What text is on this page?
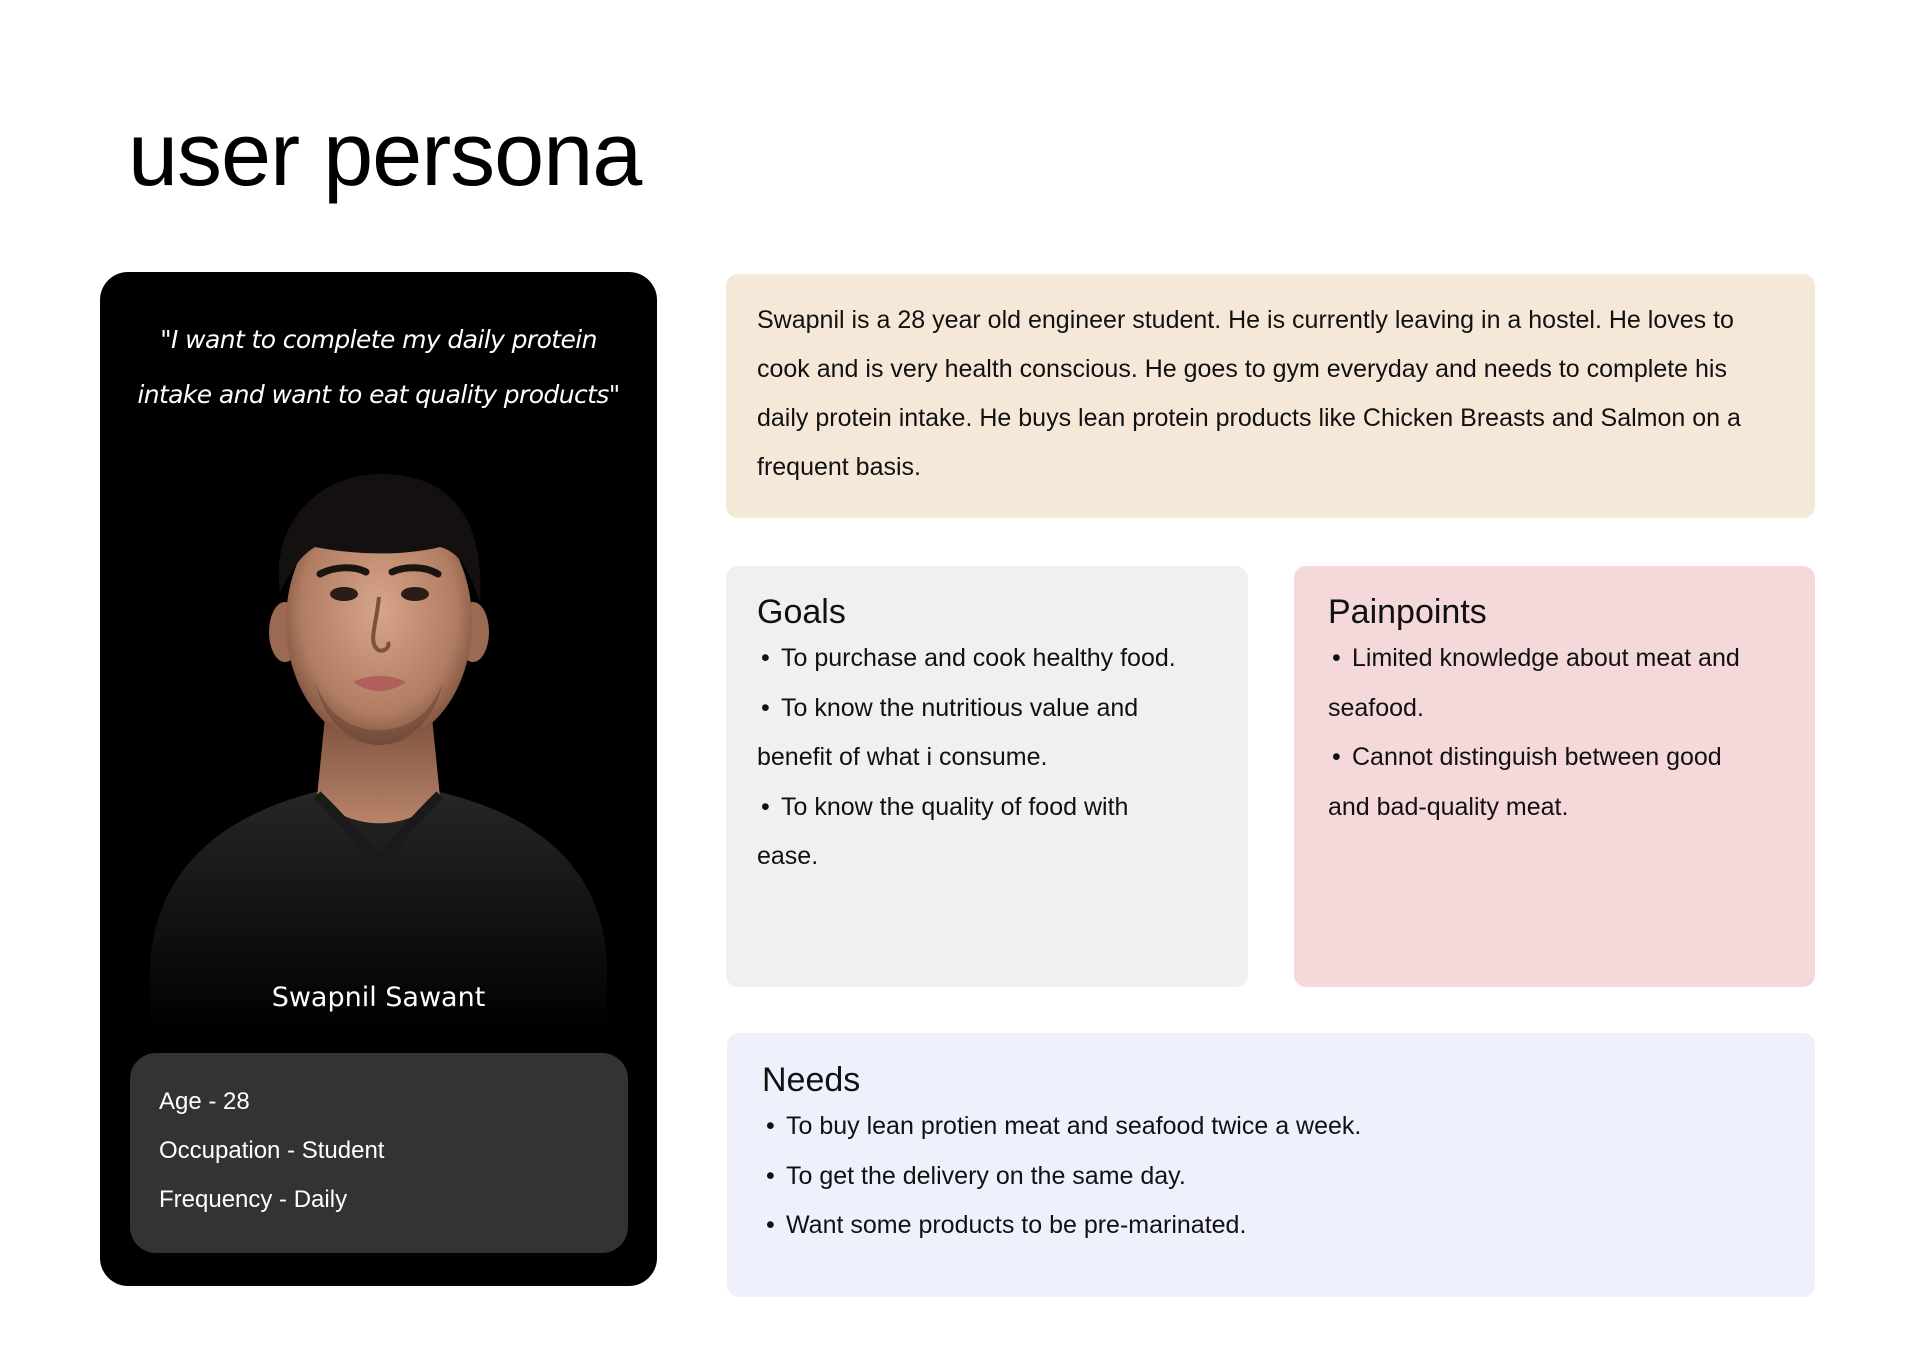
user persona

"I want to complete my daily protein intake and want to eat quality products"

Swapnil Sawant
Age - 28
Occupation - Student
Frequency - Daily

Swapnil is a 28 year old engineer student. He is currently leaving in a hostel. He loves to cook and is very health conscious. He goes to gym everyday and needs to complete his daily protein intake. He buys lean protein products like Chicken Breasts and Salmon on a frequent basis.

Goals
• To purchase and cook healthy food.
• To know the nutritious value and benefit of what i consume.
• To know the quality of food with ease.
Painpoints
• Limited knowledge about meat and seafood.
• Cannot distinguish between good and bad-quality meat.
Needs
• To buy lean protien meat and seafood twice a week.
• To get the delivery on the same day.
• Want some products to be pre-marinated.
